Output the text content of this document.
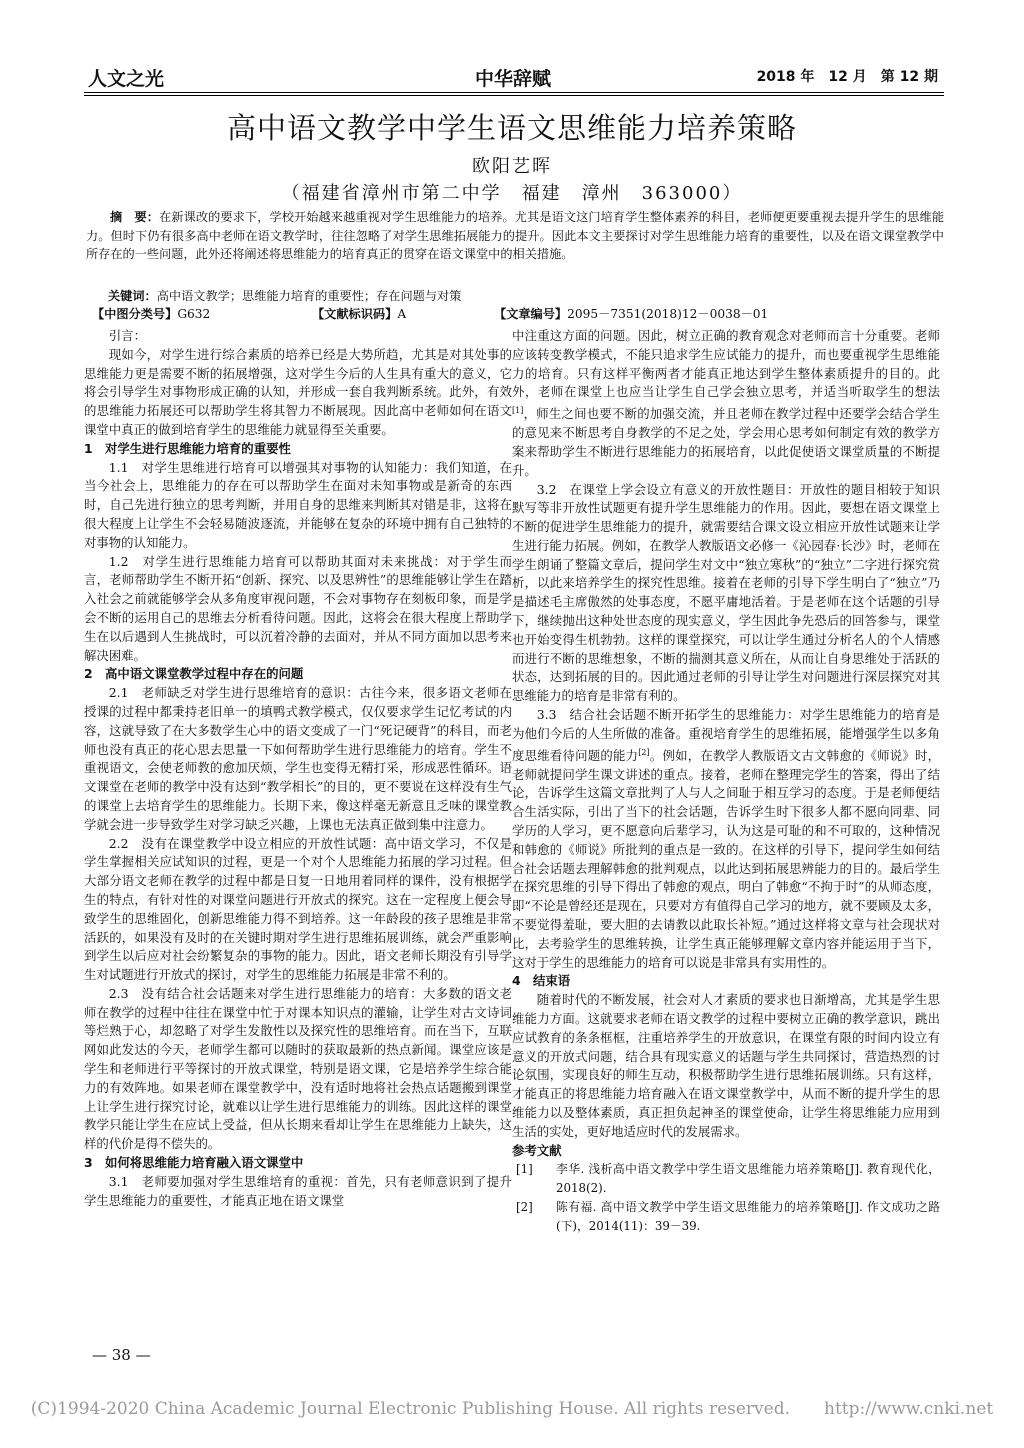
人文之光	中华辞赋	2018 年　12 月　第 12 期
高中语文教学中学生语文思维能力培养策略
欧阳艺晖
（福建省漳州市第二中学　福建　漳州　363000）
摘　要：在新课改的要求下，学校开始越来越重视对学生思维能力的培养。尤其是语文这门培育学生整体素养的科目，老师便更要重视去提升学生的思维能力。但时下仍有很多高中老师在语文教学时，往往忽略了对学生思维拓展能力的提升。因此本文主要探讨对学生思维能力培育的重要性，以及在语文课堂教学中所存在的一些问题，此外还将阐述将思维能力的培育真正的贯穿在语文课堂中的相关措施。
关键词：高中语文教学；思维能力培育的重要性；存在问题与对策
【中图分类号】G632	【文献标识码】A	【文章编号】2095－7351(2018)12－0038－01

引言：

现如今，对学生进行综合素质的培养已经是大势所趋，尤其是对其处事的思维能力更是需要不断的拓展增强，这对学生今后的人生具有重大的意义，它将会引导学生对事物形成正确的认知，并形成一套自我判断系统。此外，有效的思维能力拓展还可以帮助学生将其智力不断展现。因此高中老师如何在语文课堂中真正的做到培育学生的思维能力就显得至关重要。

1　对学生进行思维能力培育的重要性

1.1　对学生思维进行培育可以增强其对事物的认知能力：我们知道，在当今社会上，思维能力的存在可以帮助学生在面对未知事物或是新奇的东西时，自己先进行独立的思考判断，并用自身的思维来判断其对错是非，这将在很大程度上让学生不会轻易随波逐流，并能够在复杂的环境中拥有自己独特的对事物的认知能力。

1.2　对学生进行思维能力培育可以帮助其面对未来挑战：对于学生而言，老师帮助学生不断开拓“创新、探究、以及思辨性”的思维能够让学生在踏入社会之前就能够学会从多角度审视问题，不会对事物存在刻板印象，而是学会不断的运用自己的思维去分析看待问题。因此，这将会在很大程度上帮助学生在以后遇到人生挑战时，可以沉着冷静的去面对，并从不同方面加以思考来解决困难。

2　高中语文课堂教学过程中存在的问题

2.1　老师缺乏对学生进行思维培育的意识：古往今来，很多语文老师在授课的过程中都秉持老旧单一的填鸭式教学模式，仅仅要求学生记忆考试的内容，这就导致了在大多数学生心中的语文变成了一门“死记硬背”的科目，而老师也没有真正的花心思去思量一下如何帮助学生进行思维能力的培育。学生不重视语文，会使老师教的愈加厌烦，学生也变得无精打采，形成恶性循环。语文课堂在老师的教学中没有达到“教学相长”的目的，更不要说在这样没有生气的课堂上去培育学生的思维能力。长期下来，像这样毫无新意且乏味的课堂教学就会进一步导致学生对学习缺乏兴趣，上课也无法真正做到集中注意力。

2.2　没有在课堂教学中设立相应的开放性试题：高中语文学习，不仅是学生掌握相关应试知识的过程，更是一个对个人思维能力拓展的学习过程。但大部分语文老师在教学的过程中都是日复一日地用着同样的课件，没有根据学生的特点，有针对性的对课堂问题进行开放式的探究。这在一定程度上便会导致学生的思维固化，创新思维能力得不到培养。这一年龄段的孩子思维是非常活跃的，如果没有及时的在关键时期对学生进行思维拓展训练，就会严重影响到学生以后应对社会纷繁复杂的事物的能力。因此，语文老师长期没有引导学生对试题进行开放式的探讨，对学生的思维能力拓展是非常不利的。

2.3　没有结合社会话题来对学生进行思维能力的培育：大多数的语文老师在教学的过程中往往在课堂中忙于对课本知识点的灌输，让学生对古文诗词等烂熟于心，却忽略了对学生发散性以及探究性的思维培育。而在当下，互联网如此发达的今天，老师学生都可以随时的获取最新的热点新闻。课堂应该是学生和老师进行平等探讨的开放式课堂，特别是语文课，它是培养学生综合能力的有效阵地。如果老师在课堂教学中，没有适时地将社会热点话题搬到课堂上让学生进行探究讨论，就难以让学生进行思维能力的训练。因此这样的课堂教学只能让学生在应试上受益，但从长期来看却让学生在思维能力上缺失，这样的代价是得不偿失的。

3　如何将思维能力培育融入语文课堂中

3.1　老师要加强对学生思维培育的重视：首先，只有老师意识到了提升学生思维能力的重要性，才能真正地在语文课堂

中注重这方面的问题。因此，树立正确的教育观念对老师而言十分重要。老师应该转变教学模式，不能只追求学生应试能力的提升，而也要重视学生思维能力的培育。只有这样平衡两者才能真正地达到学生整体素质提升的目的。此外，老师在课堂上也应当让学生自己学会独立思考，并适当听取学生的想法[1]，师生之间也要不断的加强交流，并且老师在教学过程中还要学会结合学生的意见来不断思考自身教学的不足之处，学会用心思考如何制定有效的教学方案来帮助学生不断进行思维能力的拓展培育，以此促使语文课堂质量的不断提升。

3.2　在课堂上学会设立有意义的开放性题目：开放性的题目相较于知识默写等非开放性试题更有提升学生思维能力的作用。因此，要想在语文课堂上不断的促进学生思维能力的提升，就需要结合课文设立相应开放性试题来让学生进行能力拓展。例如，在教学人教版语文必修一《沁园春·长沙》时，老师在学生朗诵了整篇文章后，提问学生对文中“独立寒秋”的“独立”二字进行探究赏析，以此来培养学生的探究性思维。接着在老师的引导下学生明白了“独立”乃是描述毛主席傲然的处事态度，不愿平庸地活着。于是老师在这个话题的引导下，继续抛出这种处世态度的现实意义，学生因此争先恐后的回答参与，课堂也开始变得生机勃勃。这样的课堂探究，可以让学生通过分析名人的个人情感而进行不断的思维想象，不断的揣测其意义所在，从而让自身思维处于活跃的状态，达到拓展的目的。因此通过老师的引导让学生对问题进行深层探究对其思维能力的培育是非常有利的。

3.3　结合社会话题不断开拓学生的思维能力：对学生思维能力的培育是为他们今后的人生所做的准备。重视培育学生的思维拓展，能增强学生以多角度思维看待问题的能力[2]。例如，在教学人教版语文古文韩愈的《师说》时，老师就提问学生课文讲述的重点。接着，老师在整理完学生的答案，得出了结论，告诉学生这篇文章批判了人与人之间耻于相互学习的态度。于是老师便结合生活实际，引出了当下的社会话题，告诉学生时下很多人都不愿向同辈、同学历的人学习，更不愿意向后辈学习，认为这是可耻的和不可取的，这种情况和韩愈的《师说》所批判的重点是一致的。在这样的引导下，提问学生如何结合社会话题去理解韩愈的批判观点，以此达到拓展思辨能力的目的。最后学生在探究思维的引导下得出了韩愈的观点，明白了韩愈“不拘于时”的从师态度，即“不论是曾经还是现在，只要对方有值得自己学习的地方，就不要顾及太多，不要觉得羞耻，要大胆的去请教以此取长补短。”通过这样将文章与社会现状对比，去考验学生的思维转换，让学生真正能够理解文章内容并能运用于当下，这对于学生的思维能力的培育可以说是非常具有实用性的。

4　结束语

随着时代的不断发展，社会对人才素质的要求也日渐增高，尤其是学生思维能力方面。这就要求老师在语文教学的过程中要树立正确的教学意识，跳出应试教育的条条框框，注重培养学生的开放意识，在课堂有限的时间内设立有意义的开放式问题，结合具有现实意义的话题与学生共同探讨，营造热烈的讨论氛围，实现良好的师生互动，积极帮助学生进行思维拓展训练。只有这样，才能真正的将思维能力培育融入在语文课堂教学中，从而不断的提升学生的思维能力以及整体素质，真正担负起神圣的课堂使命，让学生将思维能力应用到生活的实处，更好地适应时代的发展需求。

参考文献
[1] 李华. 浅析高中语文教学中学生语文思维能力培养策略[J]. 教育现代化，2018(2).
[2] 陈有福. 高中语文教学中学生语文思维能力的培养策略[J]. 作文成功之路(下)，2014(11)：39－39.
— 38 —
(C)1994-2020 China Academic Journal Electronic Publishing House. All rights reserved.　　http://www.cnki.net
